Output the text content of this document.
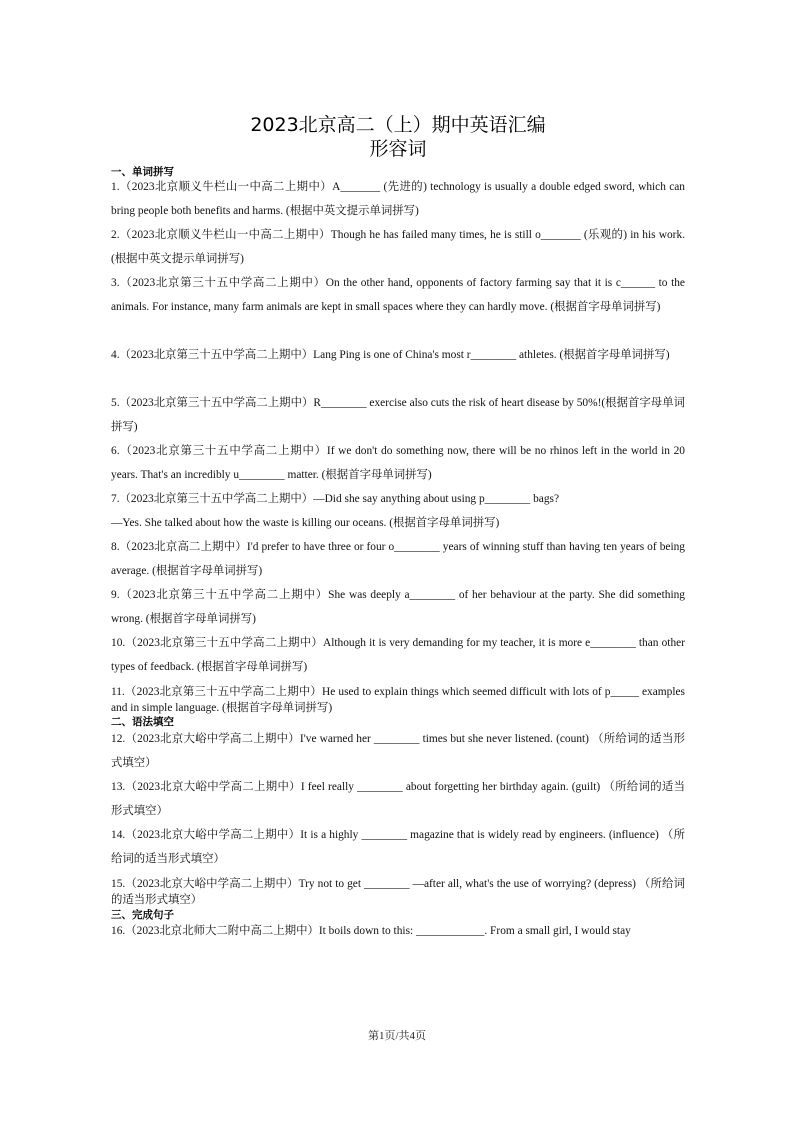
2023北京高二（上）期中英语汇编
形容词
一、单词拼写
1.（2023北京顺义牛栏山一中高二上期中）A_______ (先进的) technology is usually a double edged sword, which can bring people both benefits and harms. (根据中英文提示单词拼写)
2.（2023北京顺义牛栏山一中高二上期中）Though he has failed many times, he is still o_______ (乐观的) in his work.(根据中英文提示单词拼写)
3.（2023北京第三十五中学高二上期中）On the other hand, opponents of factory farming say that it is c______ to the animals. For instance, many farm animals are kept in small spaces where they can hardly move. (根据首字母单词拼写)
4.（2023北京第三十五中学高二上期中）Lang Ping is one of China's most r________ athletes. (根据首字母单词拼写)
5.（2023北京第三十五中学高二上期中）R________ exercise also cuts the risk of heart disease by 50%!(根据首字母单词拼写)
6.（2023北京第三十五中学高二上期中）If we don't do something now, there will be no rhinos left in the world in 20 years. That's an incredibly u________ matter. (根据首字母单词拼写)
7.（2023北京第三十五中学高二上期中）—Did she say anything about using p________ bags?
—Yes. She talked about how the waste is killing our oceans. (根据首字母单词拼写)
8.（2023北京高二上期中）I'd prefer to have three or four o________ years of winning stuff than having ten years of being average. (根据首字母单词拼写)
9.（2023北京第三十五中学高二上期中）She was deeply a________ of her behaviour at the party. She did something wrong. (根据首字母单词拼写)
10.（2023北京第三十五中学高二上期中）Although it is very demanding for my teacher, it is more e________ than other types of feedback. (根据首字母单词拼写)
11.（2023北京第三十五中学高二上期中）He used to explain things which seemed difficult with lots of p_____ examples and in simple language. (根据首字母单词拼写)
二、语法填空
12.（2023北京大峪中学高二上期中）I've warned her ________ times but she never listened. (count) （所给词的适当形式填空）
13.（2023北京大峪中学高二上期中）I feel really ________ about forgetting her birthday again. (guilt) （所给词的适当形式填空）
14.（2023北京大峪中学高二上期中）It is a highly ________ magazine that is widely read by engineers. (influence) （所给词的适当形式填空）
15.（2023北京大峪中学高二上期中）Try not to get ________ —after all, what's the use of worrying? (depress) （所给词的适当形式填空）
三、完成句子
16.（2023北京北师大二附中高二上期中）It boils down to this: ____________. From a small girl, I would stay
第1页/共4页
